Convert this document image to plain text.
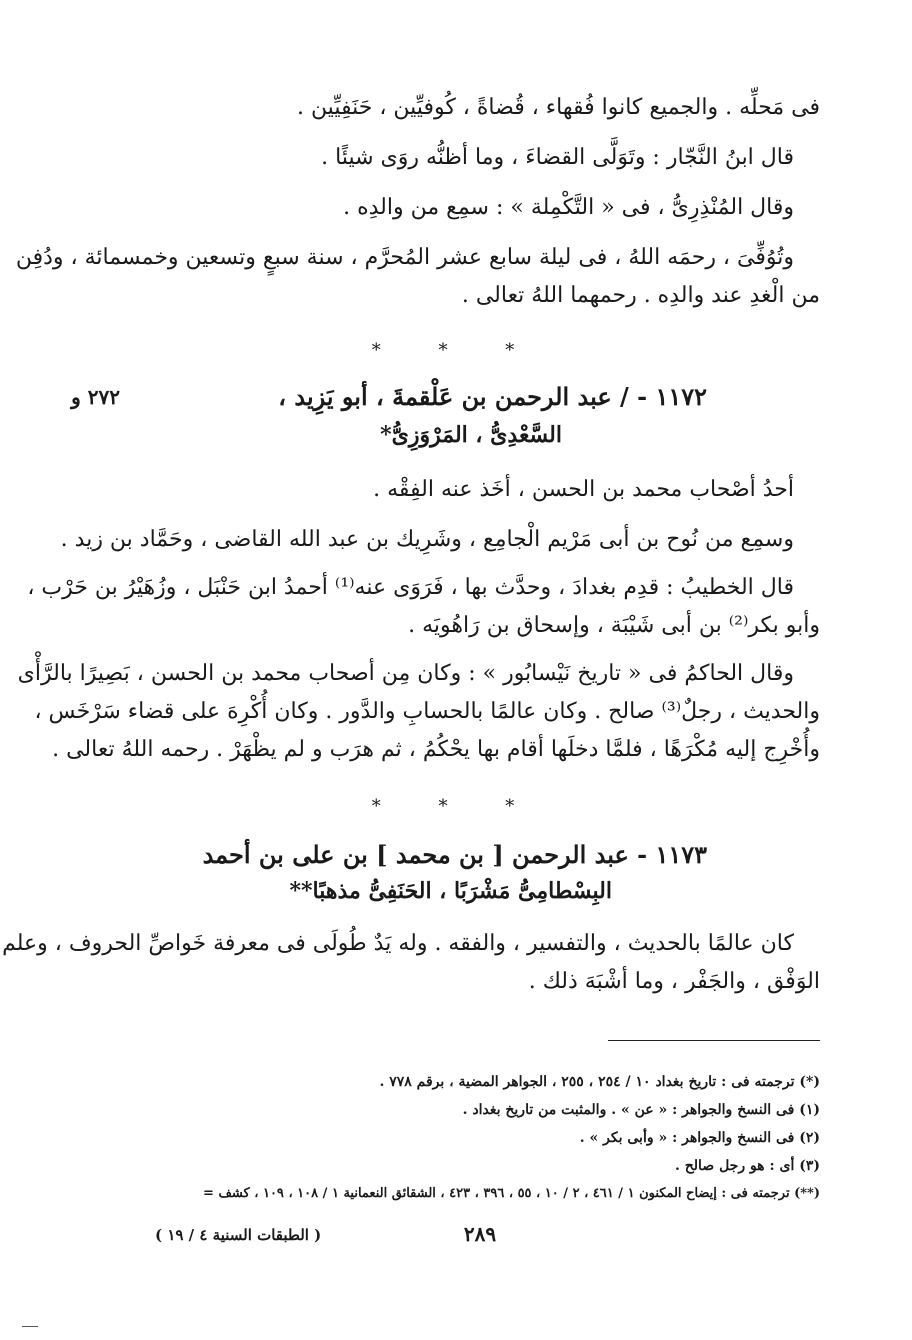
فى مَحلِّه . والجميع كانوا فُقهاء ، قُضاةً ، كُوفيِّين ، حَنَفِيِّين .
قال ابنُ النَّجّار : وتَوَلَّى القضاءَ ، وما أظنُّه روَى شيئًا .
وقال المُنْذِرِىُّ ، فى « التَّكْمِلة » : سمِع من والدِه .
وتُوُفِّىَ ، رحمَه اللهُ ، فى ليلة سابع عشر المُحرَّم ، سنة سبعٍ وتسعين وخمسمائة ، ودُفِن
من الْغدِ عند والدِه . رحمهما اللهُ تعالى .
* * *
٢٧٢ و	١١٧٢ - / عبد الرحمن بن عَلْقمةَ ، أبو يَزِيد ،
السَّعْدِىُّ ، المَرْوَزِىُّ*
أحدُ أصْحاب محمد بن الحسن ، أخَذ عنه الفِقْه .
وسمِع من نُوح بن أبى مَرْيم الْجامِع ، وشَرِيك بن عبد الله القاضى ، وحَمَّاد بن زيد .
قال الخطيبُ : قدِم بغدادَ ، وحدَّث بها ، فَرَوَى عنه⁽¹⁾ أحمدُ ابن حَنْبَل ، وزُهَيْرُ بن حَرْب ،
وأبو بكر⁽²⁾ بن أبى شَيْبَة ، وإسحاق بن رَاهُويَه .
وقال الحاكمُ فى « تاريخ نَيْسابُور » : وكان مِن أصحاب محمد بن الحسن ، بَصِيرًا بالرَّأْى
والحديث ، رجلٌ⁽³⁾ صالح . وكان عالمًا بالحسابِ والدَّور . وكان أُكْرِهَ على قضاء سَرْخَس ،
وأُخْرِج إليه مُكْرَهًا ، فلمَّا دخلَها أقام بها يحْكُمُ ، ثم هرَب و لم يظْهَرْ . رحمه اللهُ تعالى .
* * *
١١٧٣ - عبد الرحمن [ بن محمد ] بن على بن أحمد
البِسْطامِىُّ مَشْرَبًا ، الحَنَفِىُّ مذهبًا**
كان عالمًا بالحديث ، والتفسير ، والفقه . وله يَدٌ طُولَى فى معرفة خَواصِّ الحروف ، وعلم
الوَفْق ، والجَفْر ، وما أشْبَهَ ذلك .
(*) ترجمته فى : تاريخ بغداد ١٠ / ٢٥٤ ، ٢٥٥ ، الجواهر المضية ، برقم ٧٧٨ .
(١) فى النسخ والجواهر : « عن » . والمثبت من تاريخ بغداد .
(٢) فى النسخ والجواهر : « وأبى بكر » .
(٣) أى : هو رجل صالح .
(**) ترجمته فى : إيضاح المكنون ١ / ٤٦١ ، ٢ / ١٠ ، ٥٥ ، ٣٩٦ ، ٤٢٣ ، الشقائق النعمانية ١ / ١٠٨ ، ١٠٩ ، كشف =
٢٨٩
( الطبقات السنية ٤ / ١٩ )
